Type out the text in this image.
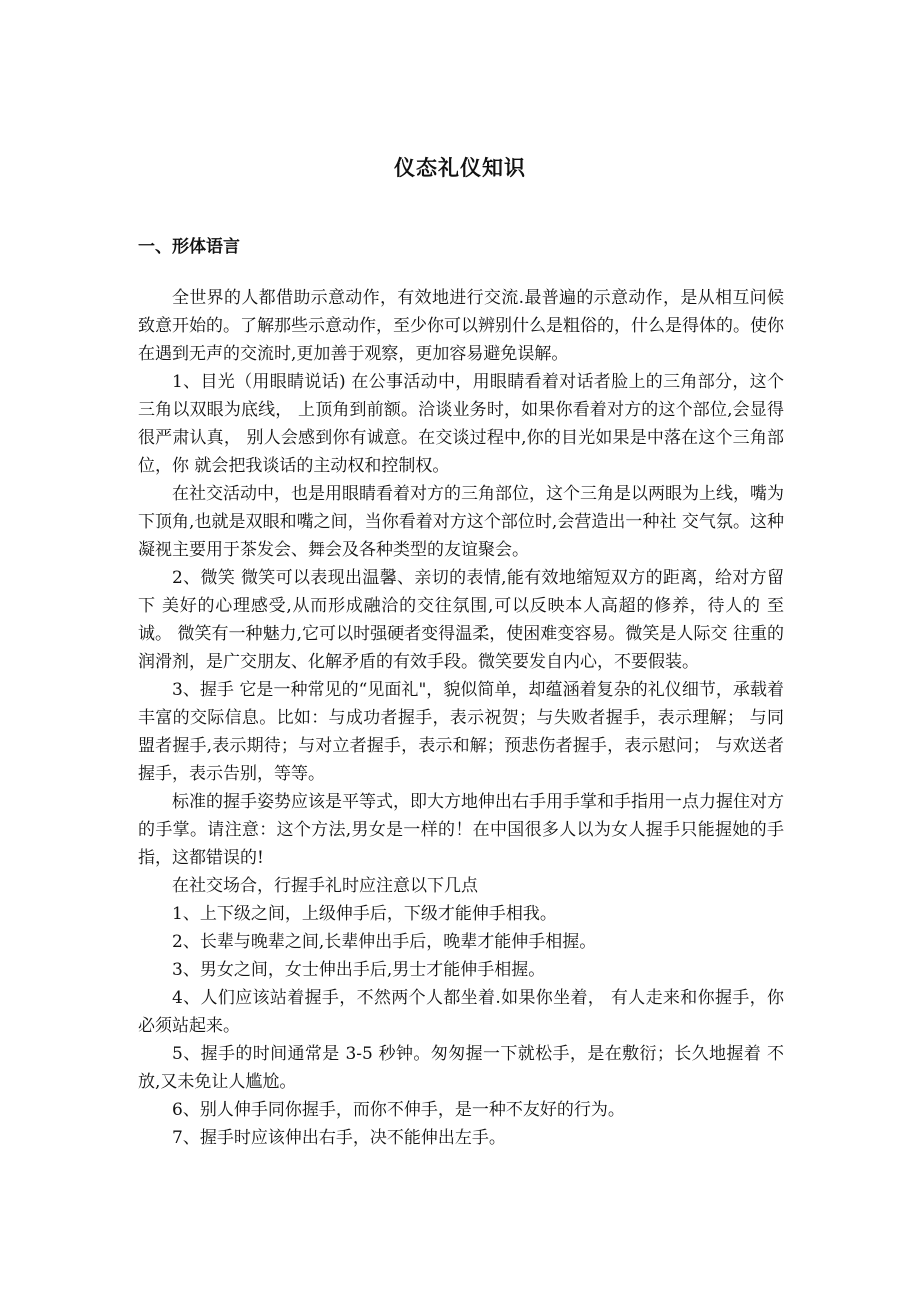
仪态礼仪知识
一、形体语言

全世界的人都借助示意动作，有效地进行交流.最普遍的示意动作，是从相互问候致意开始的。了解那些示意动作，至少你可以辨别什么是粗俗的，什么是得体的。使你在遇到无声的交流时,更加善于观察，更加容易避免误解。

1、目光（用眼睛说话) 在公事活动中，用眼睛看着对话者脸上的三角部分，这个三角以双眼为底线， 上顶角到前额。洽谈业务时，如果你看着对方的这个部位,会显得很严肃认真， 别人会感到你有诚意。在交谈过程中,你的目光如果是中落在这个三角部位，你 就会把我谈话的主动权和控制权。

在社交活动中，也是用眼睛看着对方的三角部位，这个三角是以两眼为上线，嘴为下顶角,也就是双眼和嘴之间，当你看着对方这个部位时,会营造出一种社 交气氛。这种凝视主要用于茶发会、舞会及各种类型的友谊聚会。

2、微笑 微笑可以表现出温馨、亲切的表情,能有效地缩短双方的距离，给对方留下 美好的心理感受,从而形成融洽的交往氛围,可以反映本人高超的修养，待人的 至诚。 微笑有一种魅力,它可以时强硬者变得温柔，使困难变容易。微笑是人际交 往重的润滑剂，是广交朋友、化解矛盾的有效手段。微笑要发自内心，不要假装。

3、握手 它是一种常见的“见面礼"，貌似简单，却蕴涵着复杂的礼仪细节，承载着 丰富的交际信息。比如：与成功者握手，表示祝贺；与失败者握手，表示理解； 与同盟者握手,表示期待；与对立者握手，表示和解；预悲伤者握手，表示慰问； 与欢送者握手，表示告别，等等。

标准的握手姿势应该是平等式，即大方地伸出右手用手掌和手指用一点力握住对方的手掌。请注意：这个方法,男女是一样的！在中国很多人以为女人握手只能握她的手指，这都错误的!

在社交场合，行握手礼时应注意以下几点

1、上下级之间，上级伸手后，下级才能伸手相我。

2、长辈与晚辈之间,长辈伸出手后，晚辈才能伸手相握。

3、男女之间，女士伸出手后,男士才能伸手相握。

4、人们应该站着握手，不然两个人都坐着.如果你坐着， 有人走来和你握手，你必须站起来。

5、握手的时间通常是 3-5 秒钟。匆匆握一下就松手，是在敷衍；长久地握着 不放,又未免让人尴尬。

6、别人伸手同你握手，而你不伸手，是一种不友好的行为。

7、握手时应该伸出右手，决不能伸出左手。
